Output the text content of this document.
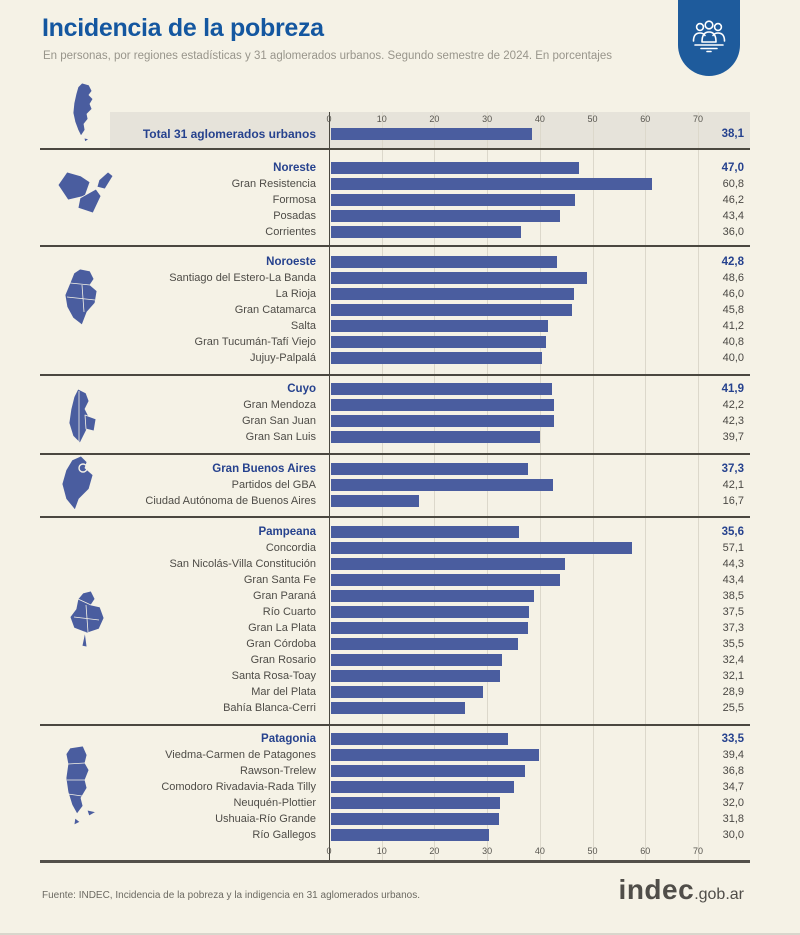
Incidencia de la pobreza

En personas, por regiones estadísticas y 31 aglomerados urbanos. Segundo semestre de 2024. En porcentajes

0	10	20	30	40	50	60	70
0	10	20	30	40	50	60	70
Total 31 aglomerados urbanos	38,1
Noreste	47,0
Gran Resistencia	60,8
Formosa	46,2
Posadas	43,4
Corrientes	36,0
Noroeste	42,8
Santiago del Estero-La Banda	48,6
La Rioja	46,0
Gran Catamarca	45,8
Salta	41,2
Gran Tucumán-Tafí Viejo	40,8
Jujuy-Palpalá	40,0
Cuyo	41,9
Gran Mendoza	42,2
Gran San Juan	42,3
Gran San Luis	39,7
Gran Buenos Aires	37,3
Partidos del GBA	42,1
Ciudad Autónoma de Buenos Aires	16,7
Pampeana	35,6
Concordia	57,1
San Nicolás-Villa Constitución	44,3
Gran Santa Fe	43,4
Gran Paraná	38,5
Río Cuarto	37,5
Gran La Plata	37,3
Gran Córdoba	35,5
Gran Rosario	32,4
Santa Rosa-Toay	32,1
Mar del Plata	28,9
Bahía Blanca-Cerri	25,5
Patagonia	33,5
Viedma-Carmen de Patagones	39,4
Rawson-Trelew	36,8
Comodoro Rivadavia-Rada Tilly	34,7
Neuquén-Plottier	32,0
Ushuaia-Río Grande	31,8
Río Gallegos	30,0

Fuente: INDEC, Incidencia de la pobreza y la indigencia en 31 aglomerados urbanos.	indec .gob.ar
